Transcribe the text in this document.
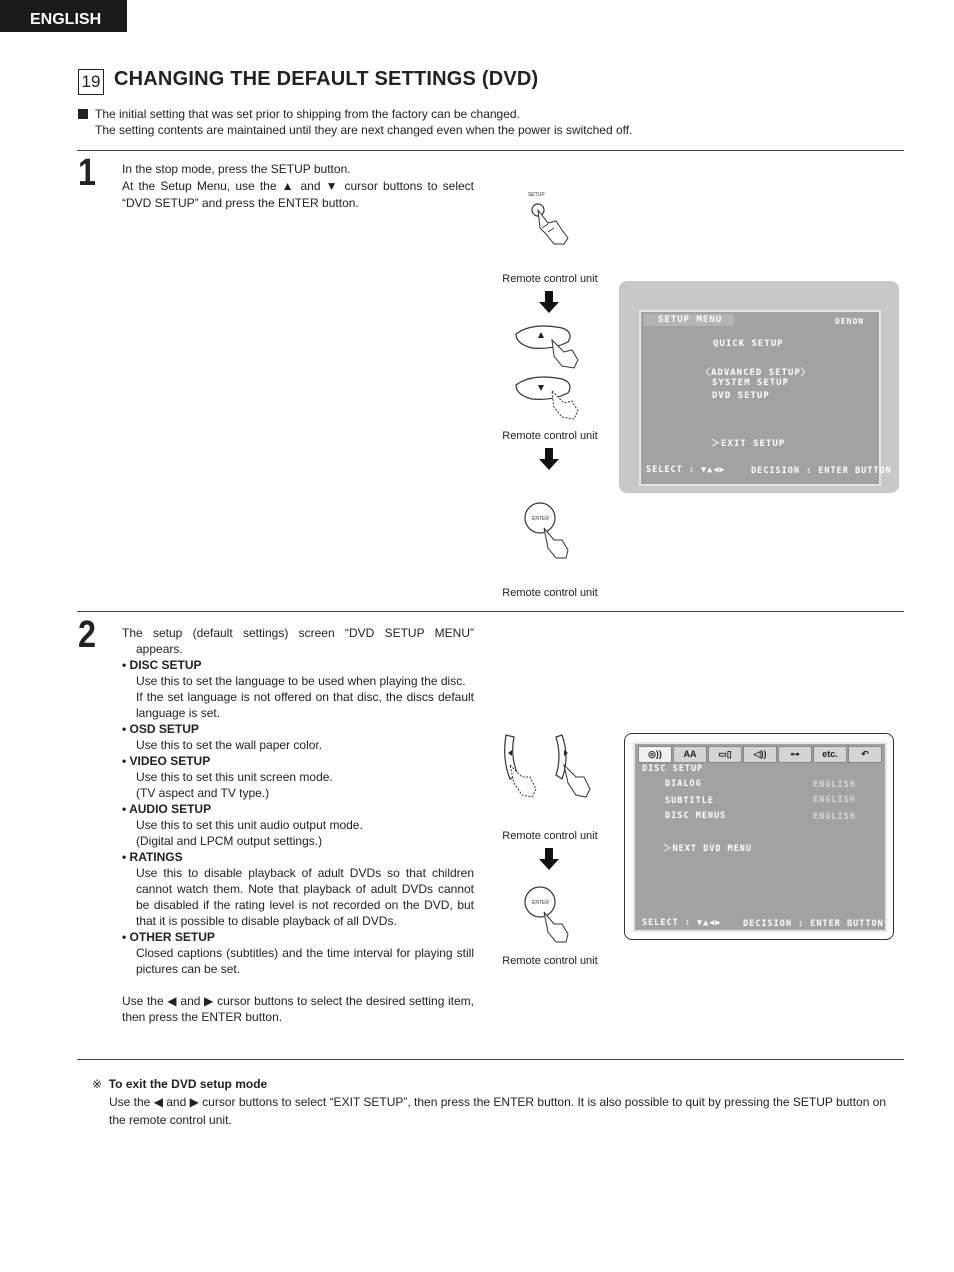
ENGLISH
19 CHANGING THE DEFAULT SETTINGS (DVD)
The initial setting that was set prior to shipping from the factory can be changed.
The setting contents are maintained until they are next changed even when the power is switched off.
1 In the stop mode, press the SETUP button.
At the Setup Menu, use the ▲ and ▼ cursor buttons to select “DVD SETUP” and press the ENTER button.
SETUP
Remote control unit
Remote control unit
ENTER
Remote control unit
SETUP MENU	DENON
QUICK SETUP
〈ADVANCED SETUP〉
SYSTEM SETUP
DVD SETUP
＞EXIT SETUP
SELECT : ▼▲◀▶	DECISION : ENTER BUTTON
2 The setup (default settings) screen “DVD SETUP MENU” appears.
• DISC SETUP
Use this to set the language to be used when playing the disc.
If the set language is not offered on that disc, the discs default language is set.
• OSD SETUP
Use this to set the wall paper color.
• VIDEO SETUP
Use this to set this unit screen mode.
(TV aspect and TV type.)
• AUDIO SETUP
Use this to set this unit audio output mode.
(Digital and LPCM output settings.)
• RATINGS
Use this to disable playback of adult DVDs so that children cannot watch them. Note that playback of adult DVDs cannot be disabled if the rating level is not recorded on the DVD, but that it is possible to disable playback of all DVDs.
• OTHER SETUP
Closed captions (subtitles) and the time interval for playing still pictures can be set.
Use the ◀ and ▶ cursor buttons to select the desired setting item, then press the ENTER button.
Remote control unit
ENTER
Remote control unit
◎))	AA	▭▯	◁))	⊶	etc.	↶
DISC SETUP
DIALOG	ENGLISH
SUBTITLE	ENGLISH
DISC MENUS	ENGLISH
＞NEXT DVD MENU
SELECT : ▼▲◀▶	DECISION : ENTER BUTTON
※ To exit the DVD setup mode
Use the ◀ and ▶ cursor buttons to select “EXIT SETUP”, then press the ENTER button. It is also possible to quit by pressing the SETUP button on the remote control unit.
